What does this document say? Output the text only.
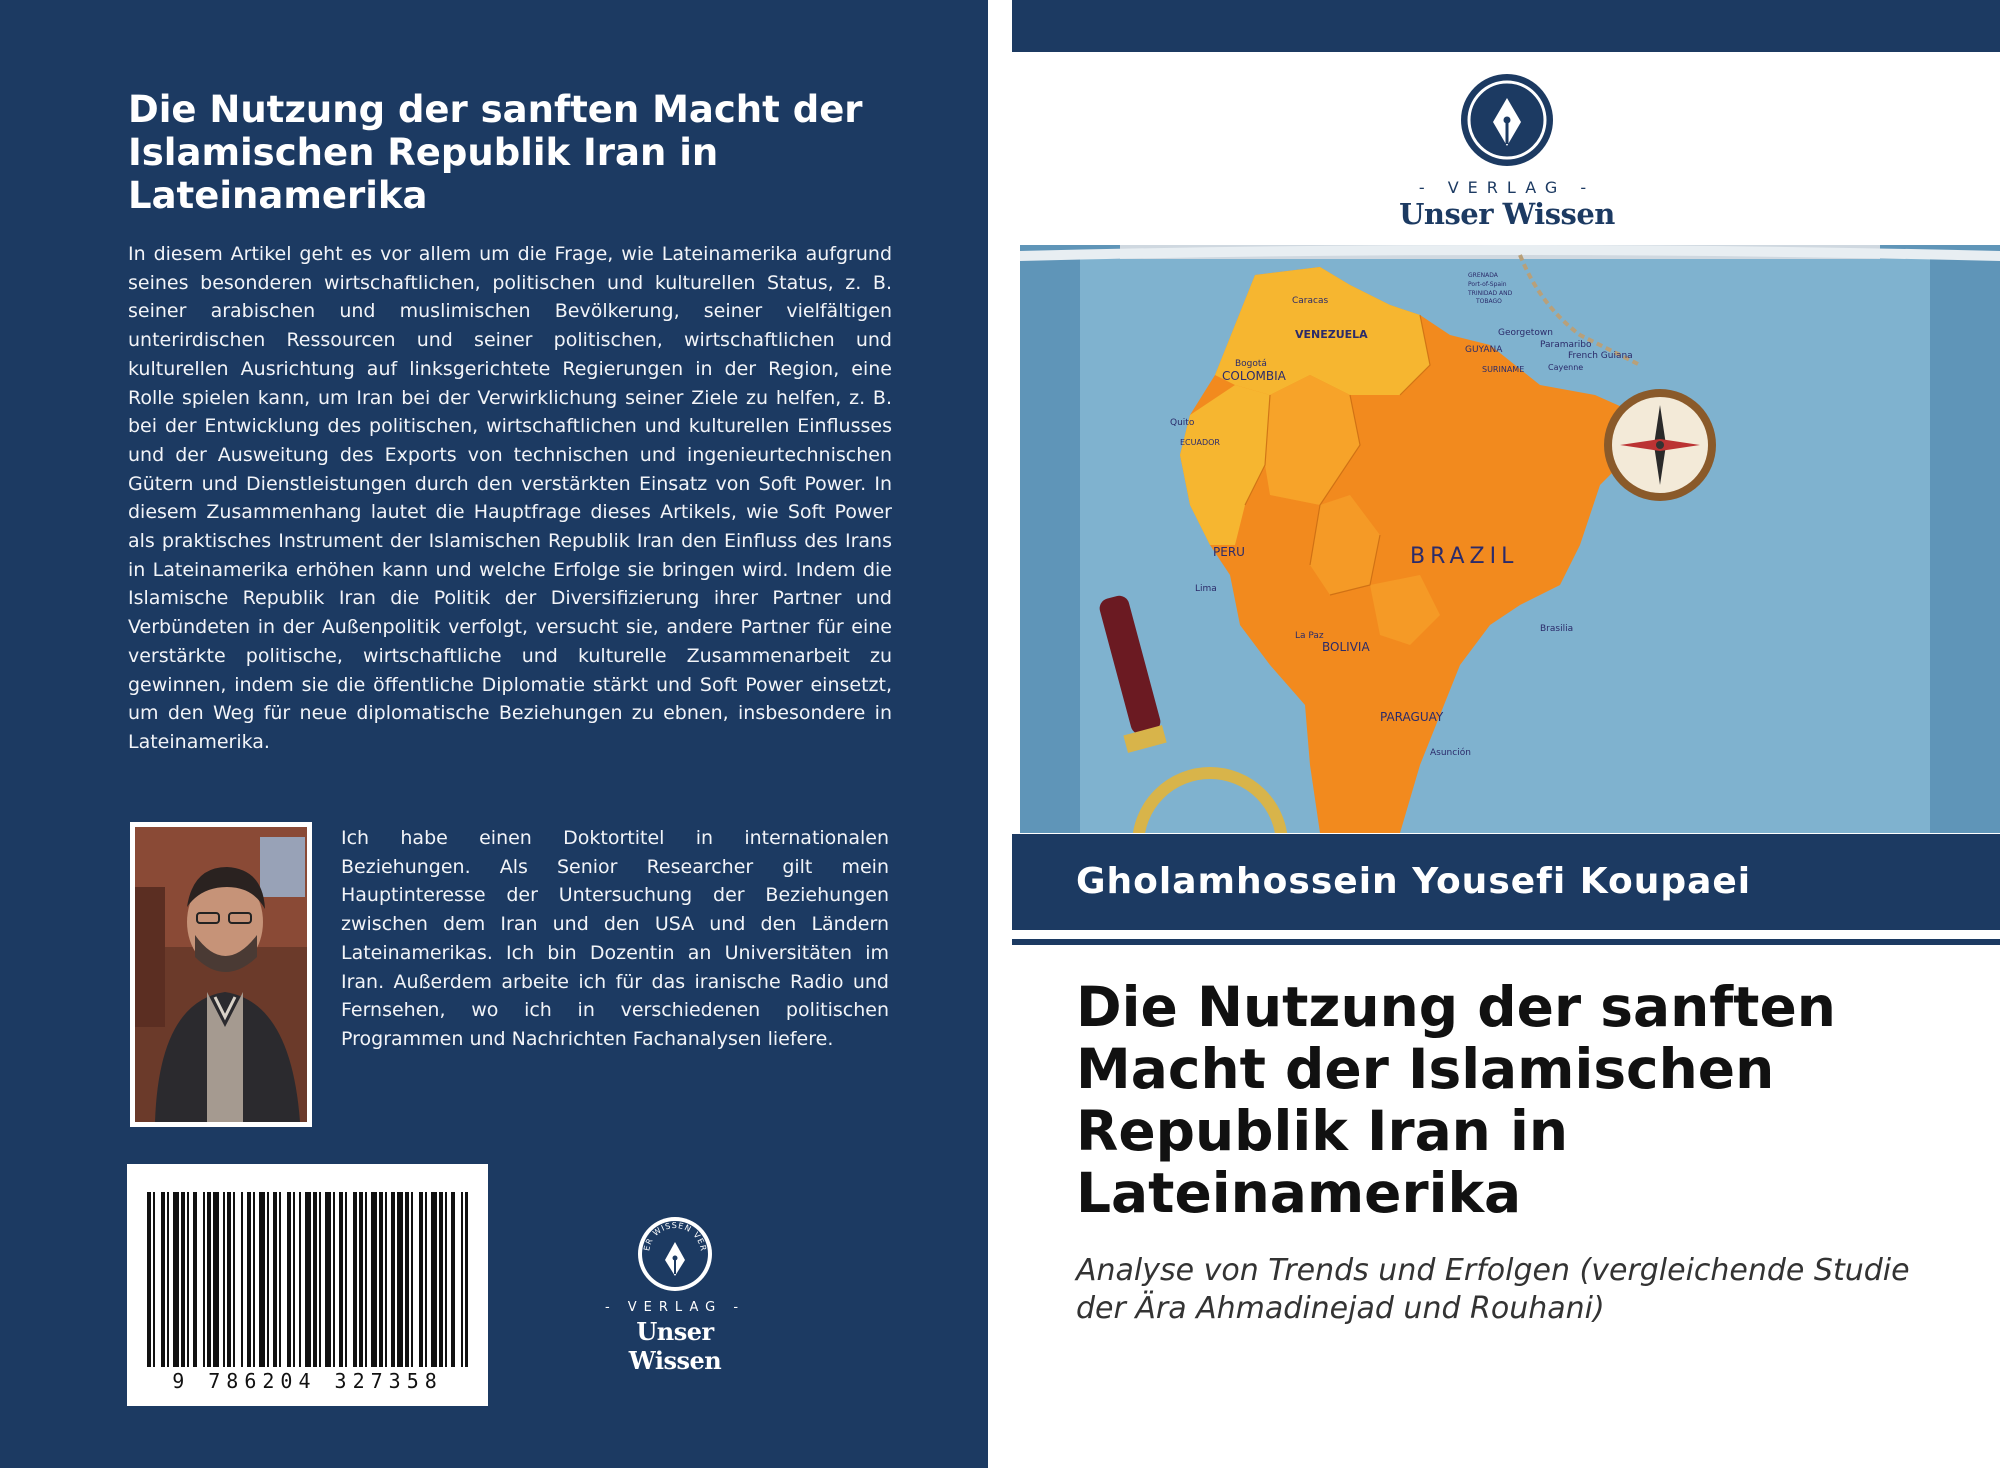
Die Nutzung der sanften Macht der Islamischen Republik Iran in Lateinamerika

In diesem Artikel geht es vor allem um die Frage, wie Lateinamerika aufgrund seines besonderen wirtschaftlichen, politischen und kulturellen Status, z. B. seiner arabischen und muslimischen Bevölkerung, seiner vielfältigen unterirdischen Ressourcen und seiner politischen, wirtschaftlichen und kulturellen Ausrichtung auf linksgerichtete Regierungen in der Region, eine Rolle spielen kann, um Iran bei der Verwirklichung seiner Ziele zu helfen, z. B. bei der Entwicklung des politischen, wirtschaftlichen und kulturellen Einflusses und der Ausweitung des Exports von technischen und ingenieurtechnischen Gütern und Dienstleistungen durch den verstärkten Einsatz von Soft Power. In diesem Zusammenhang lautet die Hauptfrage dieses Artikels, wie Soft Power als praktisches Instrument der Islamischen Republik Iran den Einfluss des Irans in Lateinamerika erhöhen kann und welche Erfolge sie bringen wird. Indem die Islamische Republik Iran die Politik der Diversifizierung ihrer Partner und Verbündeten in der Außenpolitik verfolgt, versucht sie, andere Partner für eine verstärkte politische, wirtschaftliche und kulturelle Zusammenarbeit zu gewinnen, indem sie die öffentliche Diplomatie stärkt und Soft Power einsetzt, um den Weg für neue diplomatische Beziehungen zu ebnen, insbesondere in Lateinamerika.

Ich habe einen Doktortitel in internationalen Beziehungen. Als Senior Researcher gilt mein Hauptinteresse der Untersuchung der Beziehungen zwischen dem Iran und den USA und den Ländern Lateinamerikas. Ich bin Dozentin an Universitäten im Iran. Außerdem arbeite ich für das iranische Radio und Fernsehen, wo ich in verschiedenen politischen Programmen und Nachrichten Fachanalysen liefere.

9 786204 327358
ER WISSEN VER
- VERLAG -
Unser Wissen
- VERLAG -
Unser Wissen
Caracas
GRENADA
Port-of-Spain
TRINIDAD AND
TOBAGO
VENEZUELA	Georgetown
GUYANA	Paramaribo
French Guiana
SURINAME	Cayenne
Bogotá
COLOMBIA
Quito
ECUADOR
PERU
Lima
BRAZIL
La Paz
BOLIVIA
Brasilia
PARAGUAY
Asunción

Gholamhossein Yousefi Koupaei

Die Nutzung der sanften Macht der Islamischen Republik Iran in Lateinamerika
Analyse von Trends und Erfolgen (vergleichende Studie der Ära Ahmadinejad und Rouhani)
